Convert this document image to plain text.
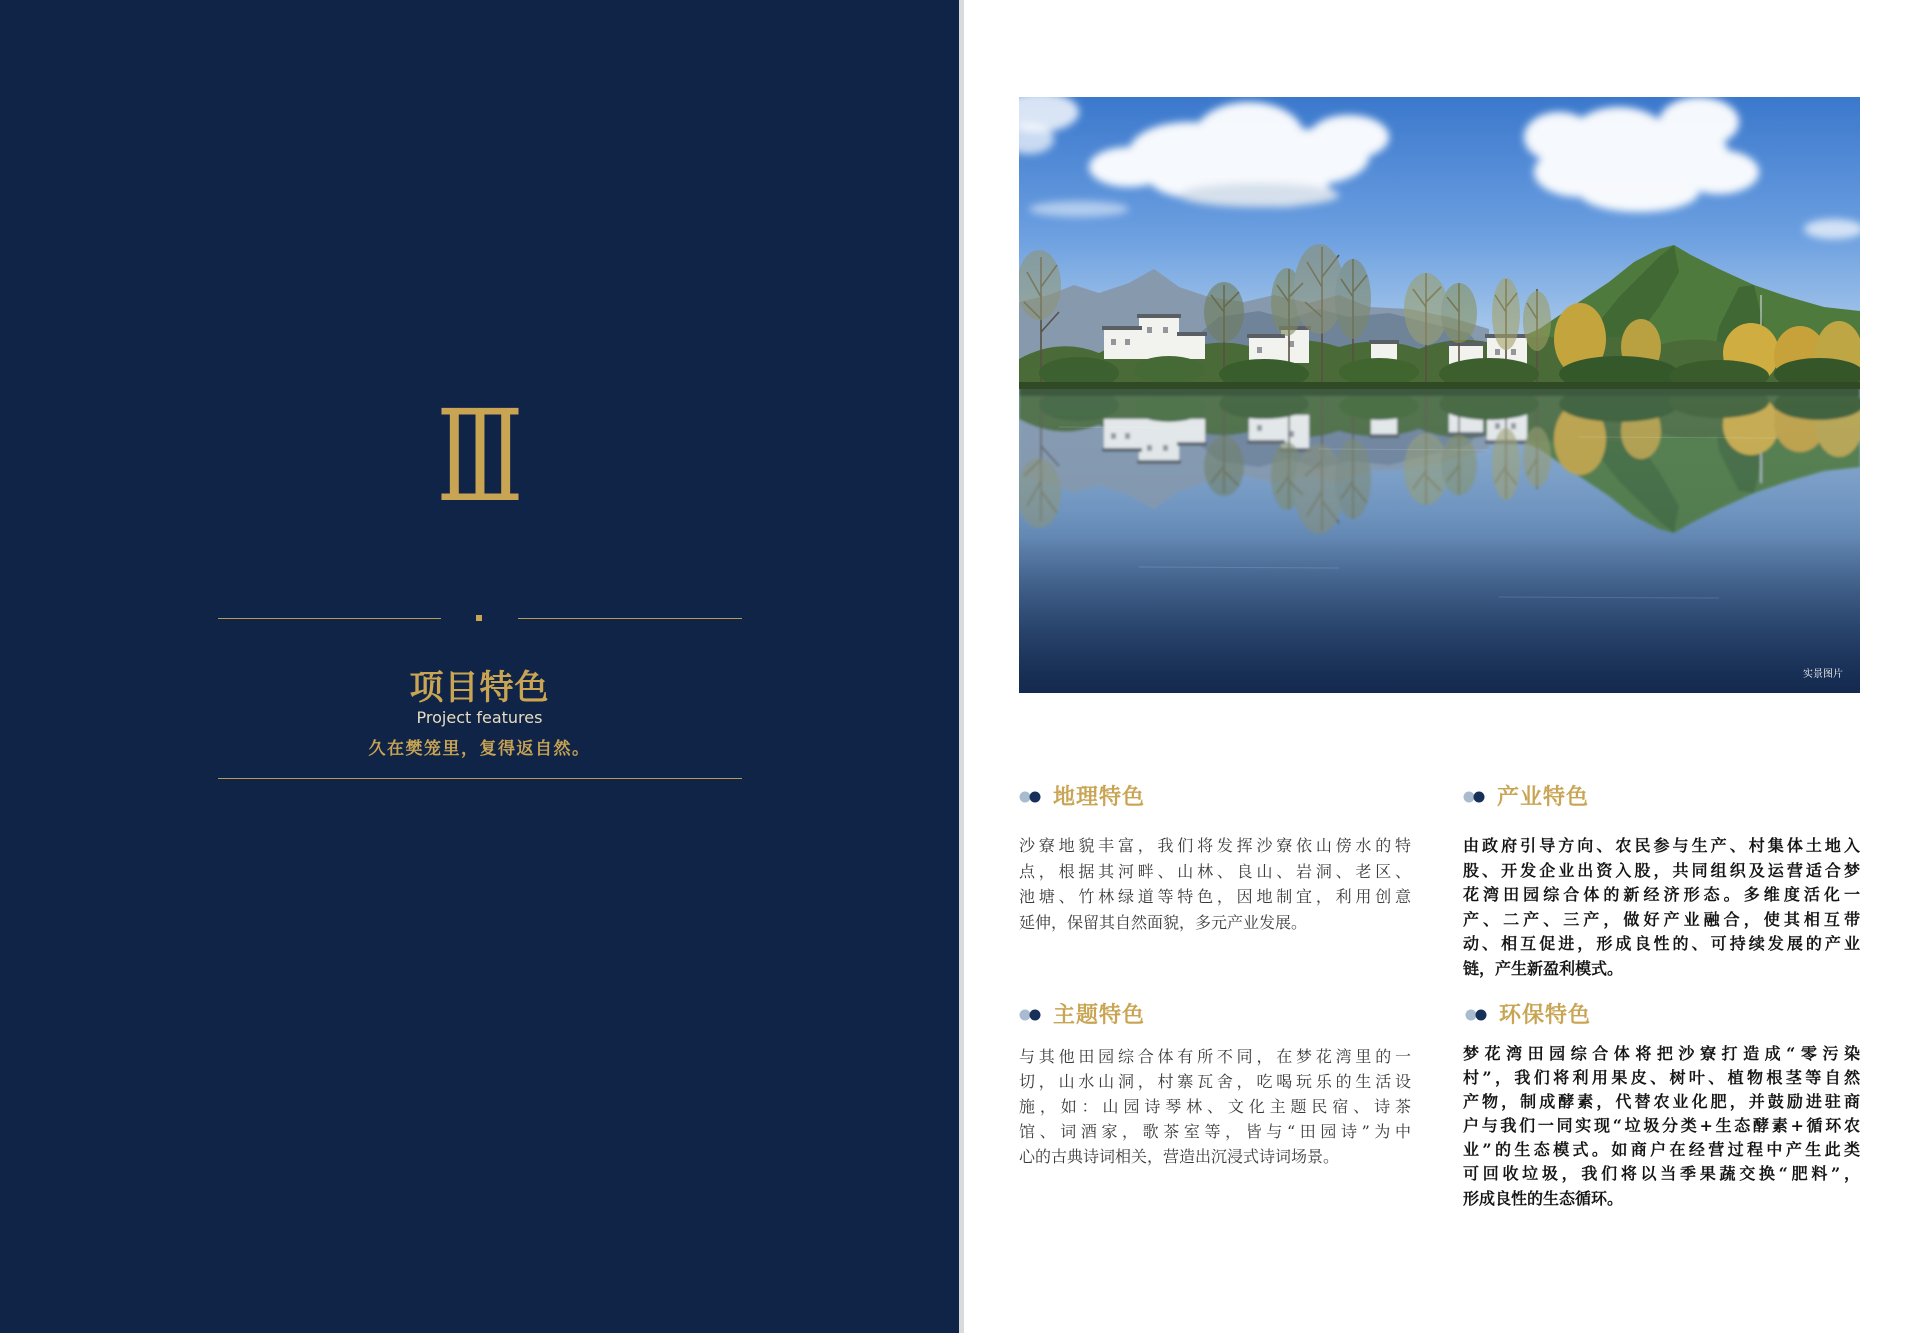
Ⅲ
项目特色
Project features
久在樊笼里，复得返自然。
实景图片
地理特色	产业特色
主题特色	环保特色
沙寮地貌丰富，我们将发挥沙寮依山傍水的特
点，根据其河畔、山林、良山、岩洞、老区、
池塘、竹林绿道等特色，因地制宜，利用创意
延伸，保留其自然面貌，多元产业发展。
由政府引导方向、农民参与生产、村集体土地入
股、开发企业出资入股，共同组织及运营适合梦
花湾田园综合体的新经济形态。多维度活化一
产、二产、三产，做好产业融合，使其相互带
动、相互促进，形成良性的、可持续发展的产业
链，产生新盈利模式。
与其他田园综合体有所不同，在梦花湾里的一
切，山水山洞，村寨瓦舍，吃喝玩乐的生活设
施，如：山园诗琴林、文化主题民宿、诗茶
馆、词酒家，歌茶室等，皆与“田园诗”为中
心的古典诗词相关，营造出沉浸式诗词场景。
梦花湾田园综合体将把沙寮打造成“零污染
村”，我们将利用果皮、树叶、植物根茎等自然
产物，制成酵素，代替农业化肥，并鼓励进驻商
户与我们一同实现“垃圾分类+生态酵素+循环农
业”的生态模式。如商户在经营过程中产生此类
可回收垃圾，我们将以当季果蔬交换“肥料”，
形成良性的生态循环。
